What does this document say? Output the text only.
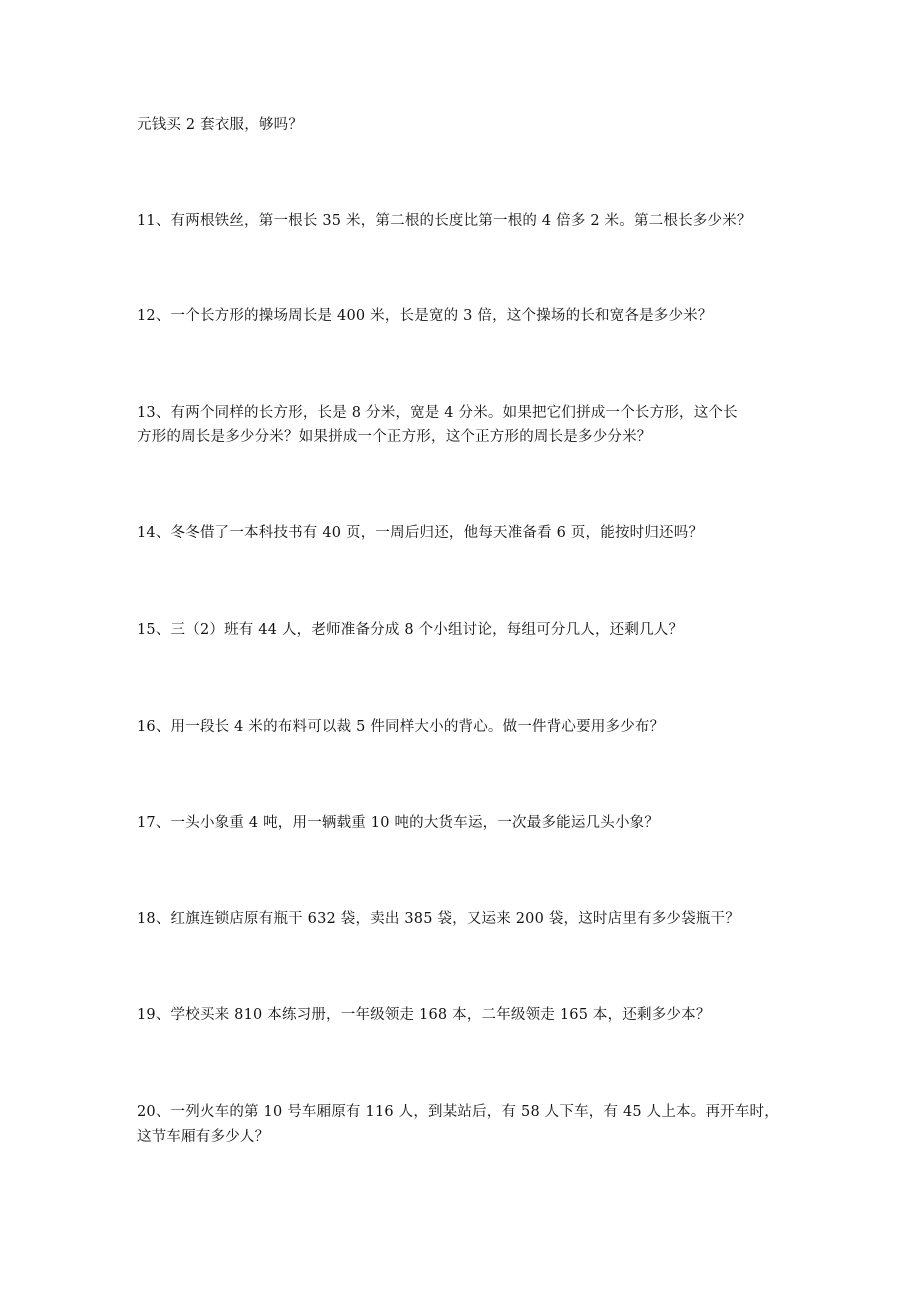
元钱买 2 套衣服，够吗？
11、有两根铁丝，第一根长 35 米，第二根的长度比第一根的 4 倍多 2 米。第二根长多少米？
12、一个长方形的操场周长是 400 米，长是宽的 3 倍，这个操场的长和宽各是多少米？
13、有两个同样的长方形，长是 8 分米，宽是 4 分米。如果把它们拼成一个长方形，这个长
方形的周长是多少分米？如果拼成一个正方形，这个正方形的周长是多少分米？
14、冬冬借了一本科技书有 40 页，一周后归还，他每天准备看 6 页，能按时归还吗？
15、三（2）班有 44 人，老师准备分成 8 个小组讨论，每组可分几人，还剩几人？
16、用一段长 4 米的布料可以裁 5 件同样大小的背心。做一件背心要用多少布？
17、一头小象重 4 吨，用一辆载重 10 吨的大货车运，一次最多能运几头小象？
18、红旗连锁店原有瓶干 632 袋，卖出 385 袋，又运来 200 袋，这时店里有多少袋瓶干？
19、学校买来 810 本练习册，一年级领走 168 本，二年级领走 165 本，还剩多少本？
20、一列火车的第 10 号车厢原有 116 人，到某站后，有 58 人下车，有 45 人上本。再开车时，
这节车厢有多少人？
